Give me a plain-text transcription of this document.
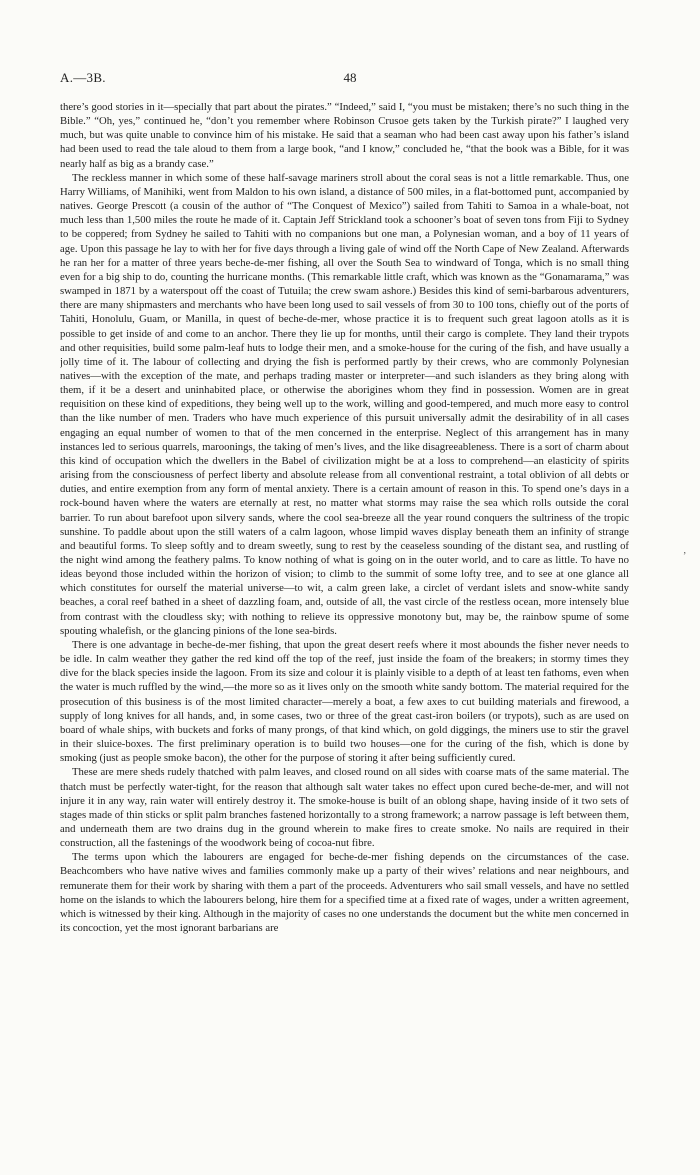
A.—3B.	48

there’s good stories in it—specially that part about the pirates.” “Indeed,” said I, “you must be mistaken; there’s no such thing in the Bible.” “Oh, yes,” continued he, “don’t you remember where Robinson Crusoe gets taken by the Turkish pirate?” I laughed very much, but was quite unable to convince him of his mistake. He said that a seaman who had been cast away upon his father’s island had been used to read the tale aloud to them from a large book, “and I know,” concluded he, “that the book was a Bible, for it was nearly half as big as a brandy case.”

The reckless manner in which some of these half-savage mariners stroll about the coral seas is not a little remarkable. Thus, one Harry Williams, of Manihiki, went from Maldon to his own island, a distance of 500 miles, in a flat-bottomed punt, accompanied by natives. George Prescott (a cousin of the author of “The Conquest of Mexico”) sailed from Tahiti to Samoa in a whale-boat, not much less than 1,500 miles the route he made of it. Captain Jeff Strickland took a schooner’s boat of seven tons from Fiji to Sydney to be coppered; from Sydney he sailed to Tahiti with no companions but one man, a Polynesian woman, and a boy of 11 years of age. Upon this passage he lay to with her for five days through a living gale of wind off the North Cape of New Zealand. Afterwards he ran her for a matter of three years beche-de-mer fishing, all over the South Sea to windward of Tonga, which is no small thing even for a big ship to do, counting the hurricane months. (This remarkable little craft, which was known as the “Gonamarama,” was swamped in 1871 by a waterspout off the coast of Tutuila; the crew swam ashore.) Besides this kind of semi-barbarous adventurers, there are many shipmasters and merchants who have been long used to sail vessels of from 30 to 100 tons, chiefly out of the ports of Tahiti, Honolulu, Guam, or Manilla, in quest of beche-de-mer, whose practice it is to frequent such great lagoon atolls as it is possible to get inside of and come to an anchor. There they lie up for months, until their cargo is complete. They land their trypots and other requisities, build some palm-leaf huts to lodge their men, and a smoke-house for the curing of the fish, and have usually a jolly time of it. The labour of collecting and drying the fish is performed partly by their crews, who are commonly Polynesian natives—with the exception of the mate, and perhaps trading master or interpreter—and such islanders as they bring along with them, if it be a desert and uninhabited place, or otherwise the aborigines whom they find in possession. Women are in great requisition on these kind of expeditions, they being well up to the work, willing and good-tempered, and much more easy to control than the like number of men. Traders who have much experience of this pursuit universally admit the desirability of in all cases engaging an equal number of women to that of the men concerned in the enterprise. Neglect of this arrangement has in many instances led to serious quarrels, maroonings, the taking of men’s lives, and the like disagreeableness. There is a sort of charm about this kind of occupation which the dwellers in the Babel of civilization might be at a loss to comprehend—an elasticity of spirits arising from the consciousness of perfect liberty and absolute release from all conventional restraint, a total oblivion of all debts or duties, and entire exemption from any form of mental anxiety. There is a certain amount of reason in this. To spend one’s days in a rock-bound haven where the waters are eternally at rest, no matter what storms may raise the sea which rolls outside the coral barrier. To run about barefoot upon silvery sands, where the cool sea-breeze all the year round conquers the sultriness of the tropic sunshine. To paddle about upon the still waters of a calm lagoon, whose limpid waves display beneath them an infinity of strange and beautiful forms. To sleep softly and to dream sweetly, sung to rest by the ceaseless sounding of the distant sea, and rustling of the night wind among the feathery palms. To know nothing of what is going on in the outer world, and to care as little. To have no ideas beyond those included within the horizon of vision; to climb to the summit of some lofty tree, and to see at one glance all which constitutes for ourself the material universe—to wit, a calm green lake, a circlet of verdant islets and snow-white sandy beaches, a coral reef bathed in a sheet of dazzling foam, and, outside of all, the vast circle of the restless ocean, more intensely blue from contrast with the cloudless sky; with nothing to relieve its oppressive monotony but, may be, the rainbow spume of some spouting whalefish, or the glancing pinions of the lone sea-birds.

There is one advantage in beche-de-mer fishing, that upon the great desert reefs where it most abounds the fisher never needs to be idle. In calm weather they gather the red kind off the top of the reef, just inside the foam of the breakers; in stormy times they dive for the black species inside the lagoon. From its size and colour it is plainly visible to a depth of at least ten fathoms, even when the water is much ruffled by the wind,—the more so as it lives only on the smooth white sandy bottom. The material required for the prosecution of this business is of the most limited character—merely a boat, a few axes to cut building materials and firewood, a supply of long knives for all hands, and, in some cases, two or three of the great cast-iron boilers (or trypots), such as are used on board of whale ships, with buckets and forks of many prongs, of that kind which, on gold diggings, the miners use to stir the gravel in their sluice-boxes. The first preliminary operation is to build two houses—one for the curing of the fish, which is done by smoking (just as people smoke bacon), the other for the purpose of storing it after being sufficiently cured.

These are mere sheds rudely thatched with palm leaves, and closed round on all sides with coarse mats of the same material. The thatch must be perfectly water-tight, for the reason that although salt water takes no effect upon cured beche-de-mer, and will not injure it in any way, rain water will entirely destroy it. The smoke-house is built of an oblong shape, having inside of it two sets of stages made of thin sticks or split palm branches fastened horizontally to a strong framework; a narrow passage is left between them, and underneath them are two drains dug in the ground wherein to make fires to create smoke. No nails are required in their construction, all the fastenings of the woodwork being of cocoa-nut fibre.

The terms upon which the labourers are engaged for beche-de-mer fishing depends on the circumstances of the case. Beachcombers who have native wives and families commonly make up a party of their wives’ relations and near neighbours, and remunerate them for their work by sharing with them a part of the proceeds. Adventurers who sail small vessels, and have no settled home on the islands to which the labourers belong, hire them for a specified time at a fixed rate of wages, under a written agreement, which is witnessed by their king. Although in the majority of cases no one understands the document but the white men concerned in its concoction, yet the most ignorant barbarians are

ʼ
